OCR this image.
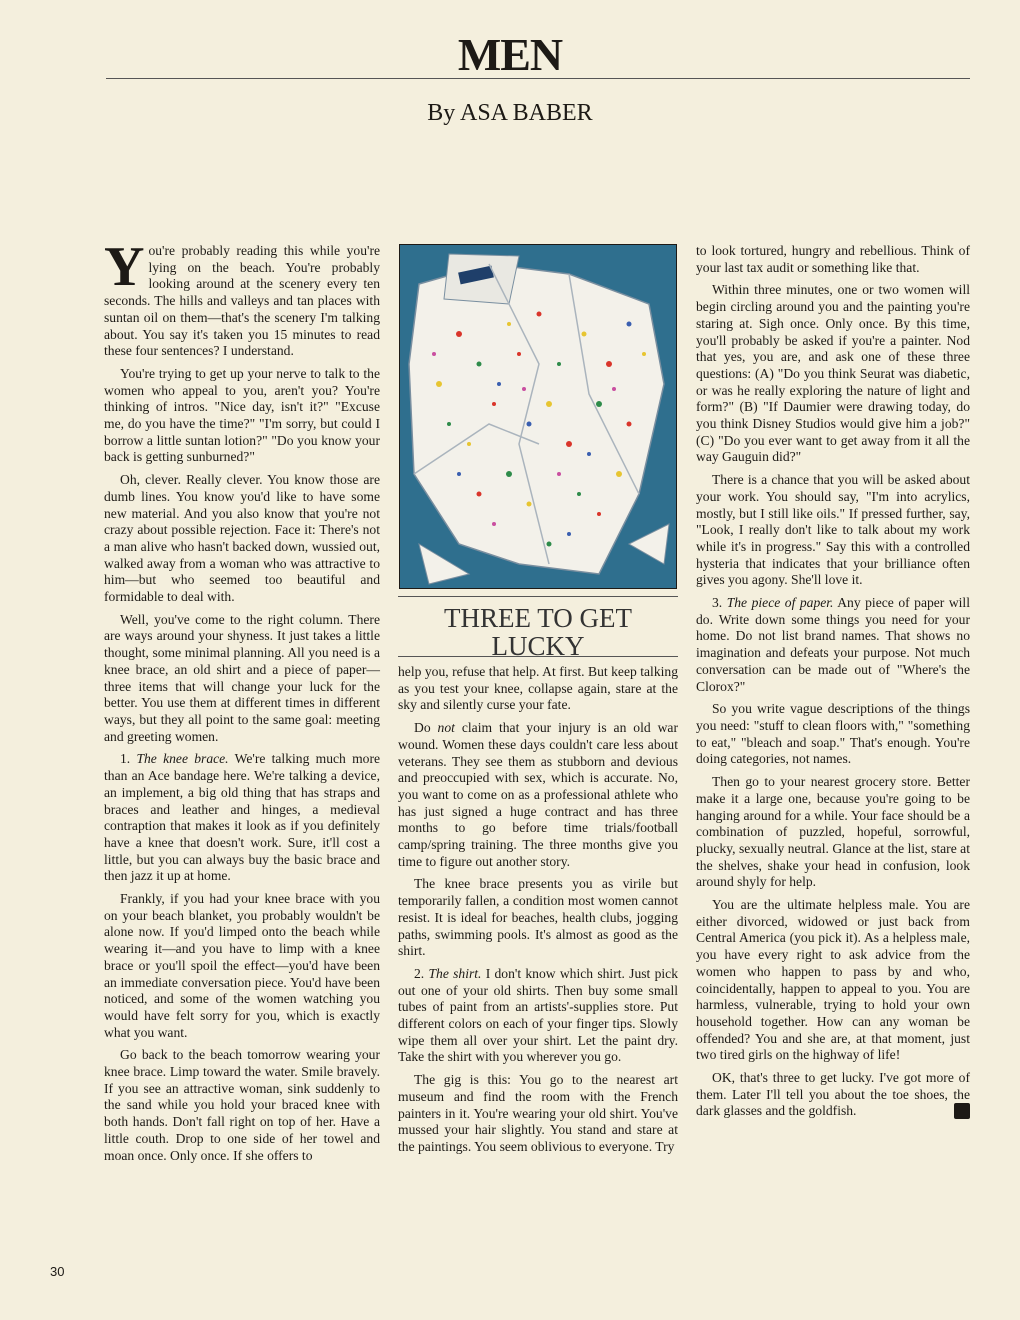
MEN
By ASA BABER

You're probably reading this while you're lying on the beach. You're probably looking around at the scenery every ten seconds. The hills and valleys and tan places with suntan oil on them—that's the scenery I'm talking about. You say it's taken you 15 minutes to read these four sentences? I understand.

You're trying to get up your nerve to talk to the women who appeal to you, aren't you? You're thinking of intros. "Nice day, isn't it?" "Excuse me, do you have the time?" "I'm sorry, but could I borrow a little suntan lotion?" "Do you know your back is getting sunburned?"

Oh, clever. Really clever. You know those are dumb lines. You know you'd like to have some new material. And you also know that you're not crazy about possible rejection. Face it: There's not a man alive who hasn't backed down, wussied out, walked away from a woman who was attractive to him—but who seemed too beautiful and formidable to deal with.

Well, you've come to the right column. There are ways around your shyness. It just takes a little thought, some minimal planning. All you need is a knee brace, an old shirt and a piece of paper—three items that will change your luck for the better. You use them at different times in different ways, but they all point to the same goal: meeting and greeting women.

1. The knee brace. We're talking much more than an Ace bandage here. We're talking a device, an implement, a big old thing that has straps and braces and leather and hinges, a medieval contraption that makes it look as if you definitely have a knee that doesn't work. Sure, it'll cost a little, but you can always buy the basic brace and then jazz it up at home.

Frankly, if you had your knee brace with you on your beach blanket, you probably wouldn't be alone now. If you'd limped onto the beach while wearing it—and you have to limp with a knee brace or you'll spoil the effect—you'd have been an immediate conversation piece. You'd have been noticed, and some of the women watching you would have felt sorry for you, which is exactly what you want.

Go back to the beach tomorrow wearing your knee brace. Limp toward the water. Smile bravely. If you see an attractive woman, sink suddenly to the sand while you hold your braced knee with both hands. Don't fall right on top of her. Have a little couth. Drop to one side of her towel and moan once. Only once. If she offers to

THREE TO GET LUCKY

help you, refuse that help. At first. But keep talking as you test your knee, collapse again, stare at the sky and silently curse your fate.

Do not claim that your injury is an old war wound. Women these days couldn't care less about veterans. They see them as stubborn and devious and preoccupied with sex, which is accurate. No, you want to come on as a professional athlete who has just signed a huge contract and has three months to go before time trials/football camp/spring training. The three months give you time to figure out another story.

The knee brace presents you as virile but temporarily fallen, a condition most women cannot resist. It is ideal for beaches, health clubs, jogging paths, swimming pools. It's almost as good as the shirt.

2. The shirt. I don't know which shirt. Just pick out one of your old shirts. Then buy some small tubes of paint from an artists'-supplies store. Put different colors on each of your finger tips. Slowly wipe them all over your shirt. Let the paint dry. Take the shirt with you wherever you go.

The gig is this: You go to the nearest art museum and find the room with the French painters in it. You're wearing your old shirt. You've mussed your hair slightly. You stand and stare at the paintings. You seem oblivious to everyone. Try

to look tortured, hungry and rebellious. Think of your last tax audit or something like that.

Within three minutes, one or two women will begin circling around you and the painting you're staring at. Sigh once. Only once. By this time, you'll probably be asked if you're a painter. Nod that yes, you are, and ask one of these three questions: (A) "Do you think Seurat was diabetic, or was he really exploring the nature of light and form?" (B) "If Daumier were drawing today, do you think Disney Studios would give him a job?" (C) "Do you ever want to get away from it all the way Gauguin did?"

There is a chance that you will be asked about your work. You should say, "I'm into acrylics, mostly, but I still like oils." If pressed further, say, "Look, I really don't like to talk about my work while it's in progress." Say this with a controlled hysteria that indicates that your brilliance often gives you agony. She'll love it.

3. The piece of paper. Any piece of paper will do. Write down some things you need for your home. Do not list brand names. That shows no imagination and defeats your purpose. Not much conversation can be made out of "Where's the Clorox?"

So you write vague descriptions of the things you need: "stuff to clean floors with," "something to eat," "bleach and soap." That's enough. You're doing categories, not names.

Then go to your nearest grocery store. Better make it a large one, because you're going to be hanging around for a while. Your face should be a combination of puzzled, hopeful, sorrowful, plucky, sexually neutral. Glance at the list, stare at the shelves, shake your head in confusion, look around shyly for help.

You are the ultimate helpless male. You are either divorced, widowed or just back from Central America (you pick it). As a helpless male, you have every right to ask advice from the women who happen to pass by and who, coincidentally, happen to appeal to you. You are harmless, vulnerable, trying to hold your own household together. How can any woman be offended? You and she are, at that moment, just two tired girls on the highway of life!

OK, that's three to get lucky. I've got more of them. Later I'll tell you about the toe shoes, the dark glasses and the goldfish.	◈

30
